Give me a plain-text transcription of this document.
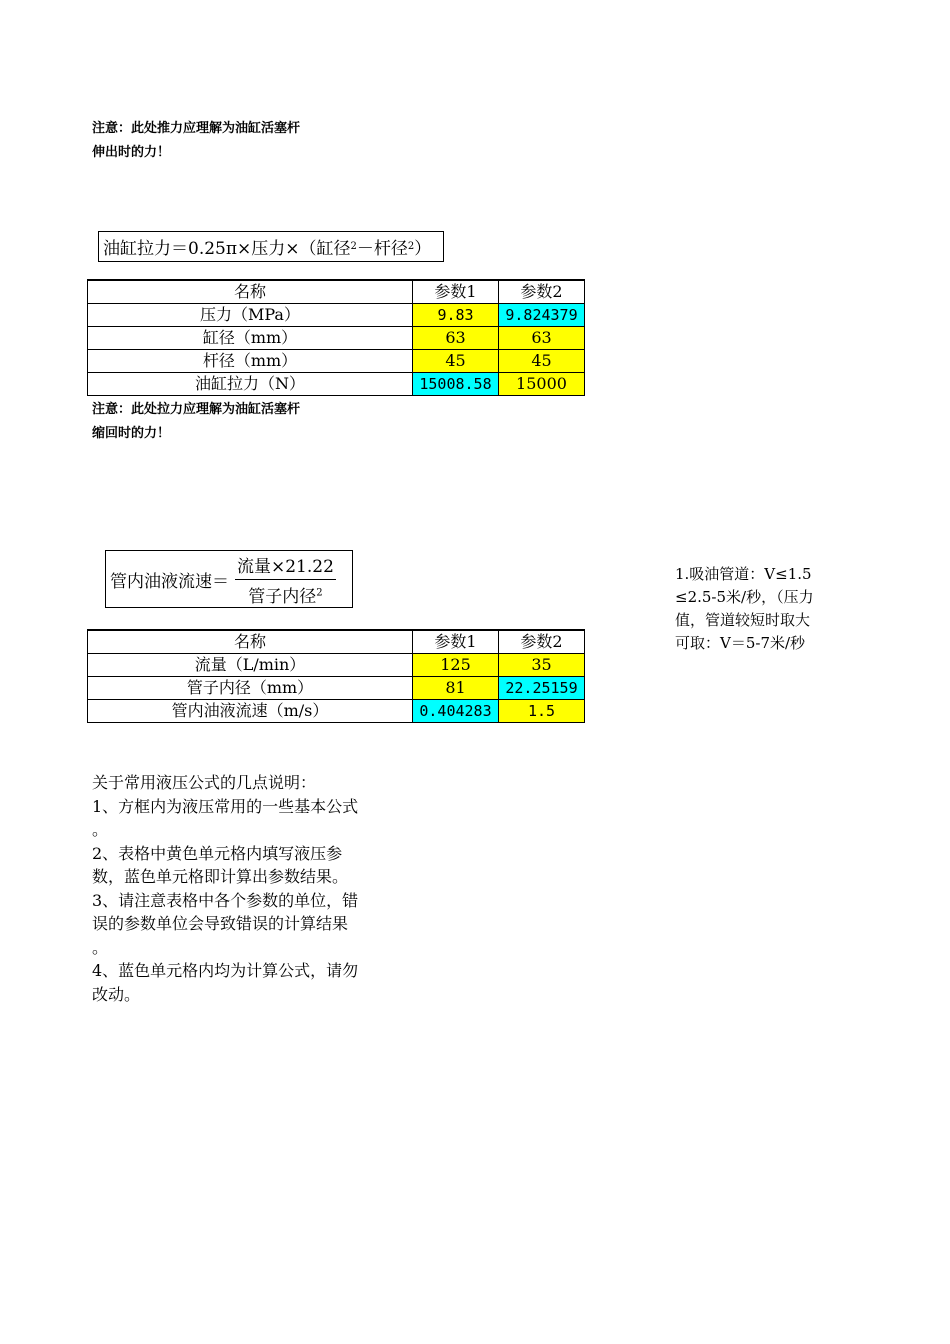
注意：此处推力应理解为油缸活塞杆
伸出时的力！
油缸拉力 ＝0.25π×压力×（缸径 2 －杆径 2 ）
名称	参数1	参数2
压力（MPa）	9.83	9.824379
缸径（mm）	63	63
杆径（mm）	45	45
油缸拉力（N）	15008.58	15000
注意：此处拉力应理解为油缸活塞杆
缩回时的力！
管内油液流速＝ $\frac{\text{流量×21.22}}{管子内径^2}$	1.吸油管道：V≤1.5
≤2.5-5米/秒，（压力
值，管道较短时取大
可取：V＝5-7米/秒
名称	参数1	参数2
流量（L/min）	125	35
管子内径（mm）	81	22.25159
管内油液流速（m/s）	0.404283	1.5
关于常用液压公式的几点说明：
1、方框内为液压常用的一些基本公式
。
2、表格中黄色单元格内填写液压参
数，蓝色单元格即计算出参数结果。
3、请注意表格中各个参数的单位，错
误的参数单位会导致错误的计算结果
。
4、蓝色单元格内均为计算公式，请勿
改动。
